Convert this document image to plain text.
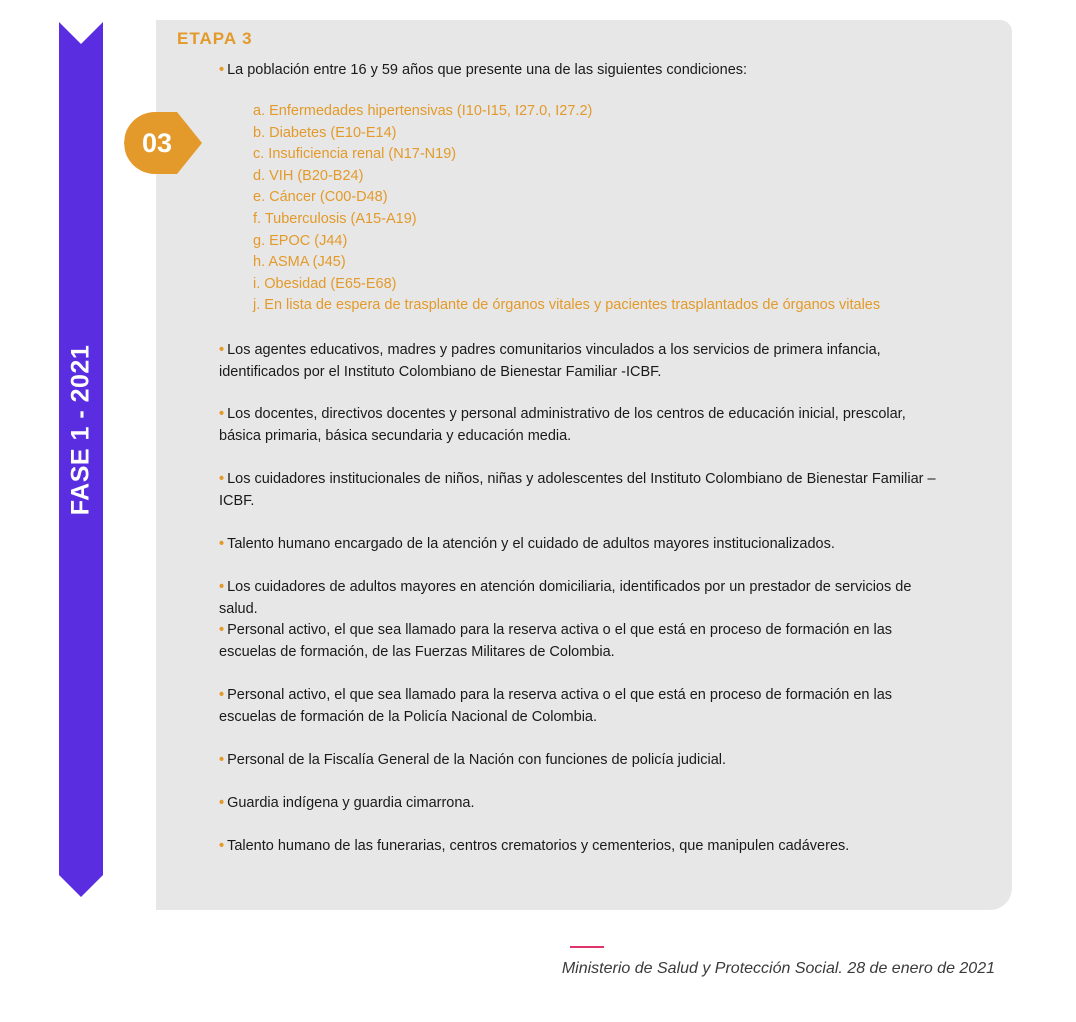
FASE 1 - 2021
ETAPA 3
03

• La población entre 16 y 59 años que presente una de las siguientes condiciones:

a. Enfermedades hipertensivas (I10-I15, I27.0, I27.2)
b. Diabetes (E10-E14)
c. Insuficiencia renal (N17-N19)
d. VIH (B20-B24)
e. Cáncer (C00-D48)
f. Tuberculosis (A15-A19)
g. EPOC (J44)
h. ASMA (J45)
i. Obesidad (E65-E68)
j. En lista de espera de trasplante de órganos vitales y pacientes trasplantados de órganos vitales

• Los agentes educativos, madres y padres comunitarios vinculados a los servicios de primera infancia, identificados por el Instituto Colombiano de Bienestar Familiar -ICBF.

• Los docentes, directivos docentes y personal administrativo de los centros de educación inicial, prescolar, básica primaria, básica secundaria y educación media.

• Los cuidadores institucionales de niños, niñas y adolescentes del Instituto Colombiano de Bienestar Familiar – ICBF.

• Talento humano encargado de la atención y el cuidado de adultos mayores institucionalizados.

• Los cuidadores de adultos mayores en atención domiciliaria, identificados por un prestador de servicios de salud.

• Personal activo, el que sea llamado para la reserva activa o el que está en proceso de formación en las escuelas de formación, de las Fuerzas Militares de Colombia.

• Personal activo, el que sea llamado para la reserva activa o el que está en proceso de formación en las escuelas de formación de la Policía Nacional de Colombia.

• Personal de la Fiscalía General de la Nación con funciones de policía judicial.

• Guardia indígena y guardia cimarrona.

• Talento humano de las funerarias, centros crematorios y cementerios, que manipulen cadáveres.

Ministerio de Salud y Protección Social. 28 de enero de 2021
